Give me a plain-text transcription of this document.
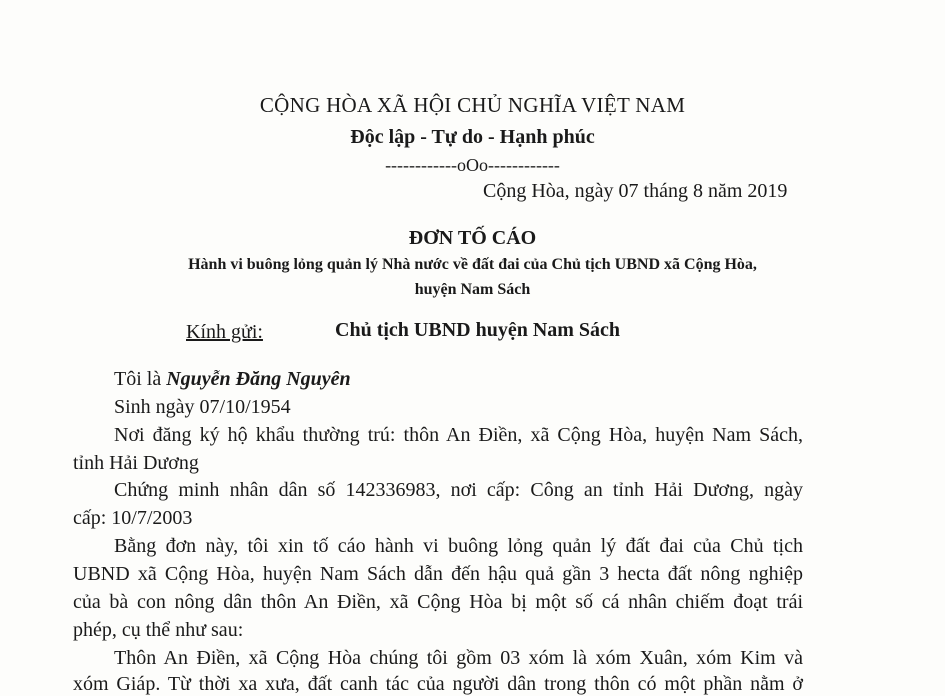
CỘNG HÒA XÃ HỘI CHỦ NGHĨA VIỆT NAM
Độc lập - Tự do - Hạnh phúc
------------oOo------------
Cộng Hòa, ngày 07 tháng 8 năm 2019
ĐƠN TỐ CÁO
Hành vi buông lỏng quản lý Nhà nước về đất đai của Chủ tịch UBND xã Cộng Hòa,
huyện Nam Sách
Kính gửi:	Chủ tịch UBND huyện Nam Sách
Tôi là Nguyễn Đăng Nguyên
Sinh ngày 07/10/1954
Nơi đăng ký hộ khẩu thường trú: thôn An Điền, xã Cộng Hòa, huyện Nam Sách,
tỉnh Hải Dương
Chứng minh nhân dân số 142336983, nơi cấp: Công an tỉnh Hải Dương, ngày
cấp: 10/7/2003
Bằng đơn này, tôi xin tố cáo hành vi buông lỏng quản lý đất đai của Chủ tịch
UBND xã Cộng Hòa, huyện Nam Sách dẫn đến hậu quả gần 3 hecta đất nông nghiệp
của bà con nông dân thôn An Điền, xã Cộng Hòa bị một số cá nhân chiếm đoạt trái
phép, cụ thể như sau:
Thôn An Điền, xã Cộng Hòa chúng tôi gồm 03 xóm là xóm Xuân, xóm Kim và
xóm Giáp. Từ thời xa xưa, đất canh tác của người dân trong thôn có một phần nằm ở
